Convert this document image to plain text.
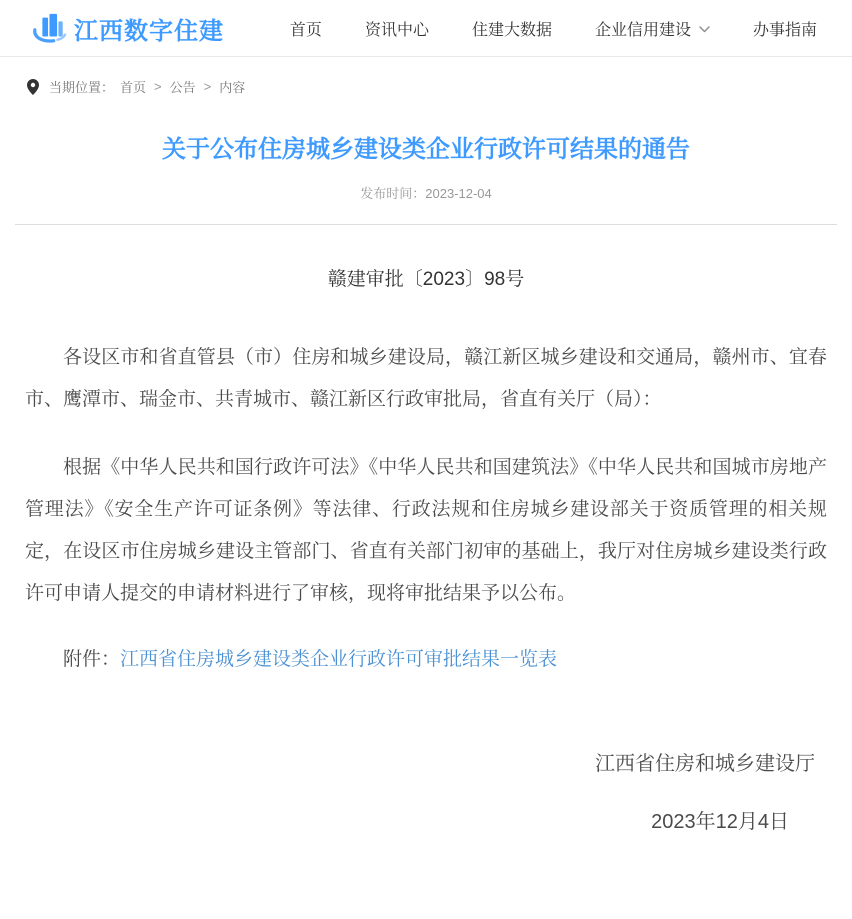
江西数字住建	首页	资讯中心	住建大数据	企业信用建设	办事指南
当期位置： 首页 > 公告 > 内容
关于公布住房城乡建设类企业行政许可结果的通告
发布时间：2023-12-04
赣建审批〔2023〕98号

各设区市和省直管县（市）住房和城乡建设局，赣江新区城乡建设和交通局，赣州市、宜春市、鹰潭市、瑞金市、共青城市、赣江新区行政审批局，省直有关厅（局）：

根据《中华人民共和国行政许可法》《中华人民共和国建筑法》《中华人民共和国城市房地产管理法》《安全生产许可证条例》等法律、行政法规和住房城乡建设部关于资质管理的相关规定，在设区市住房城乡建设主管部门、省直有关部门初审的基础上，我厅对住房城乡建设类行政许可申请人提交的申请材料进行了审核，现将审批结果予以公布。

附件：江西省住房城乡建设类企业行政许可审批结果一览表
江西省住房和城乡建设厅
2023年12月4日
